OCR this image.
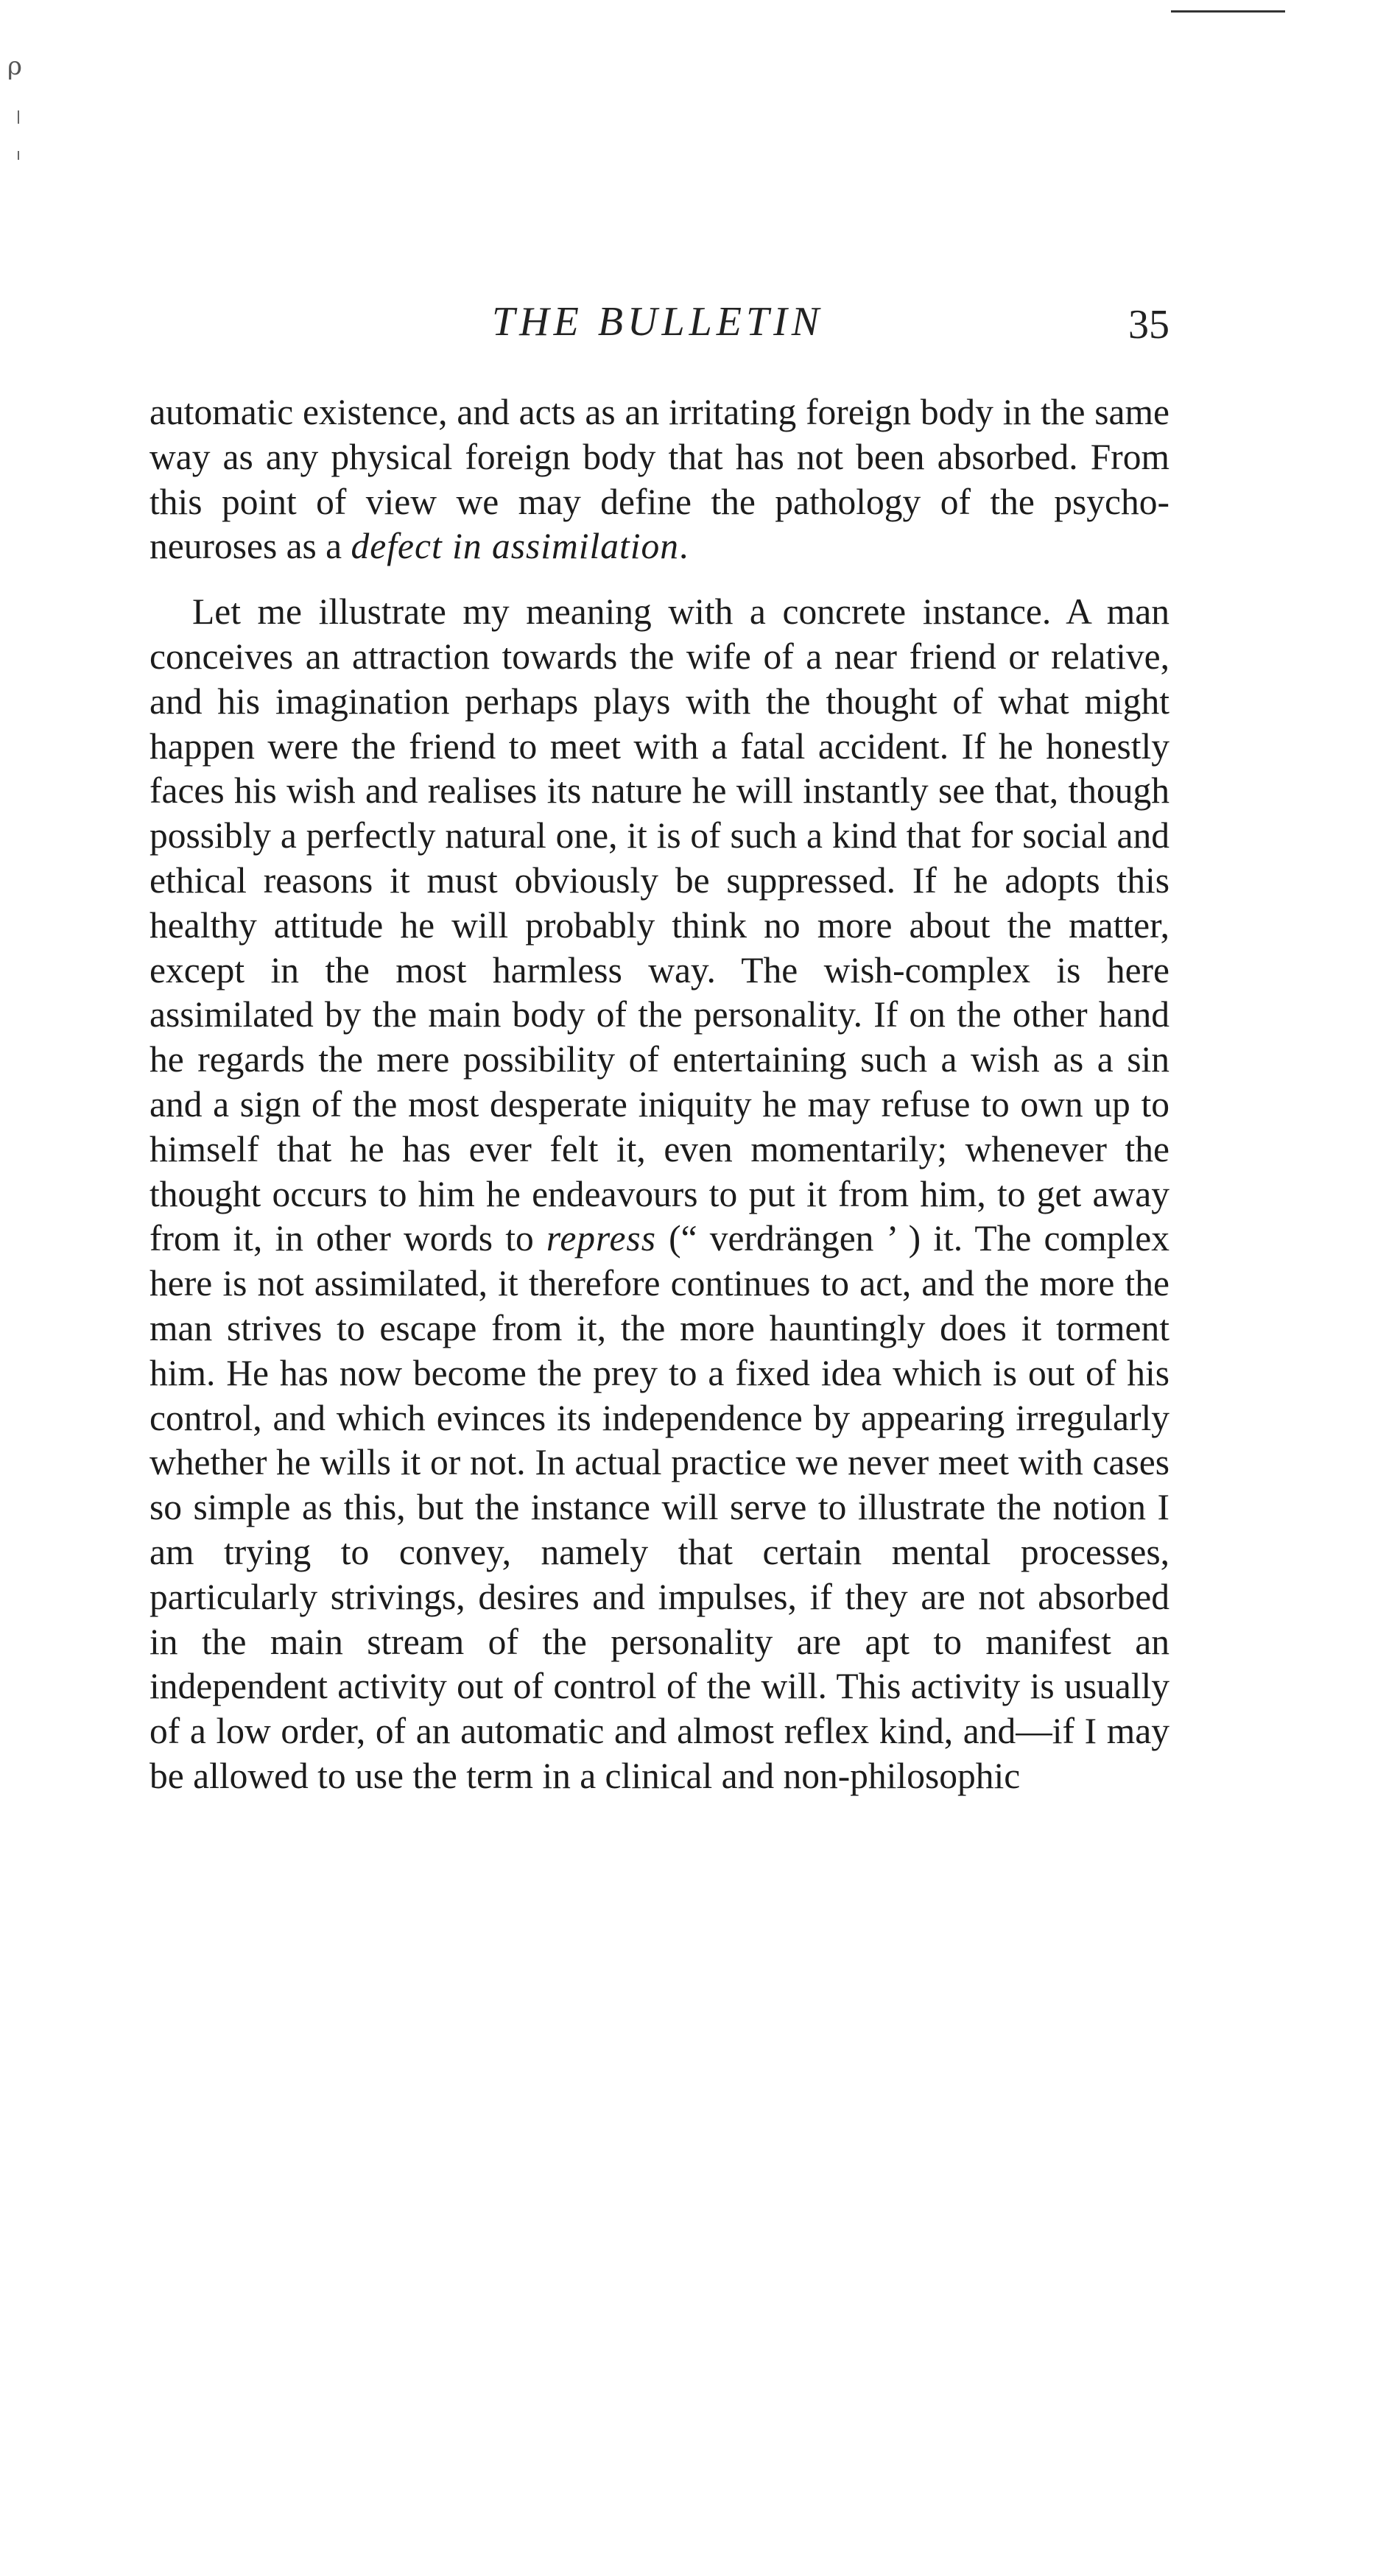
ρ
THE BULLETIN	35

automatic existence, and acts as an irritating foreign body in the same way as any physical foreign body that has not been absorbed. From this point of view we may define the pathology of the psycho-neuroses as a defect in assimilation.

Let me illustrate my meaning with a concrete instance. A man conceives an attraction towards the wife of a near friend or relative, and his imagination perhaps plays with the thought of what might happen were the friend to meet with a fatal accident. If he honestly faces his wish and realises its nature he will instantly see that, though possibly a perfectly natural one, it is of such a kind that for social and ethical reasons it must obviously be suppressed. If he adopts this healthy attitude he will probably think no more about the matter, except in the most harmless way. The wish-complex is here assimilated by the main body of the personality. If on the other hand he regards the mere possibility of entertaining such a wish as a sin and a sign of the most desperate iniquity he may refuse to own up to himself that he has ever felt it, even momentarily; whenever the thought occurs to him he endeavours to put it from him, to get away from it, in other words to repress (“ verdrängen ’ ) it. The complex here is not assimilated, it therefore continues to act, and the more the man strives to escape from it, the more hauntingly does it torment him. He has now become the prey to a fixed idea which is out of his control, and which evinces its independence by appearing irregularly whether he wills it or not. In actual practice we never meet with cases so simple as this, but the instance will serve to illustrate the notion I am trying to convey, namely that certain mental processes, particularly strivings, desires and impulses, if they are not absorbed in the main stream of the personality are apt to manifest an independent activity out of control of the will. This activity is usually of a low order, of an automatic and almost reflex kind, and—if I may be allowed to use the term in a clinical and non-philosophic
